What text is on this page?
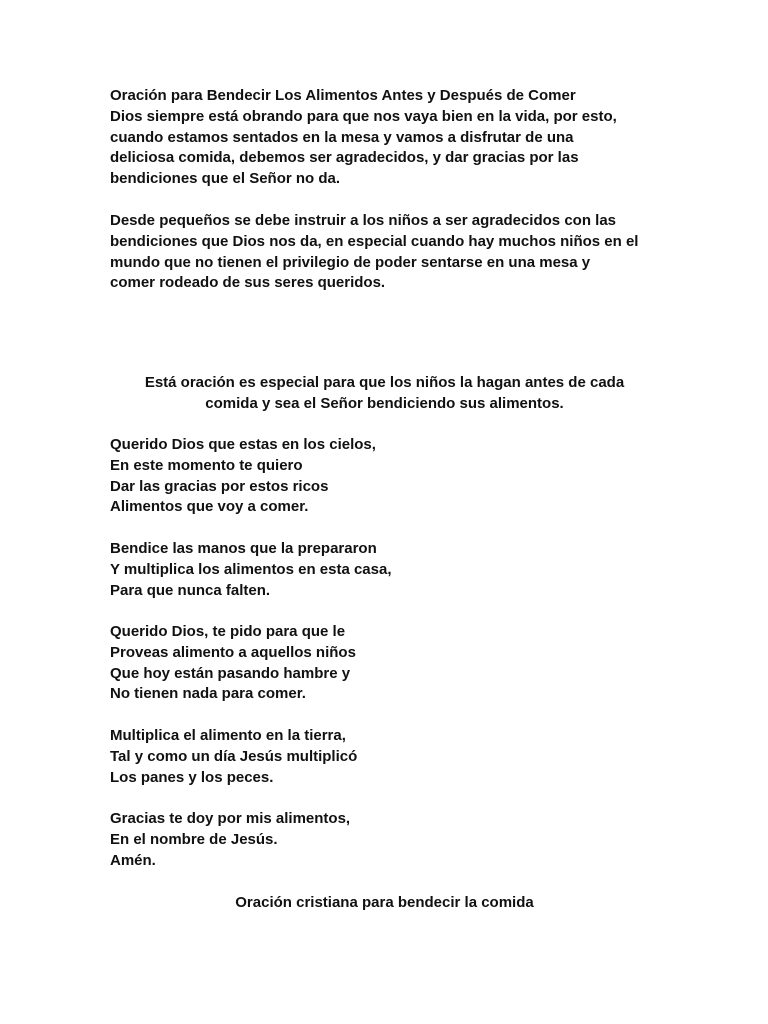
Oración para Bendecir Los Alimentos Antes y Después de Comer
Dios siempre está obrando para que nos vaya bien en la vida, por esto,
cuando estamos sentados en la mesa y vamos a disfrutar de una
deliciosa comida, debemos ser agradecidos, y dar gracias por las
bendiciones que el Señor no da.
Desde pequeños se debe instruir a los niños a ser agradecidos con las
bendiciones que Dios nos da, en especial cuando hay muchos niños en el
mundo que no tienen el privilegio de poder sentarse en una mesa y
comer rodeado de sus seres queridos.
Está oración es especial para que los niños la hagan antes de cada
comida y sea el Señor bendiciendo sus alimentos.
Querido Dios que estas en los cielos,
En este momento te quiero
Dar las gracias por estos ricos
Alimentos que voy a comer.
Bendice las manos que la prepararon
Y multiplica los alimentos en esta casa,
Para que nunca falten.
Querido Dios, te pido para que le
Proveas alimento a aquellos niños
Que hoy están pasando hambre y
No tienen nada para comer.
Multiplica el alimento en la tierra,
Tal y como un día Jesús multiplicó
Los panes y los peces.
Gracias te doy por mis alimentos,
En el nombre de Jesús.
Amén.
Oración cristiana para bendecir la comida
